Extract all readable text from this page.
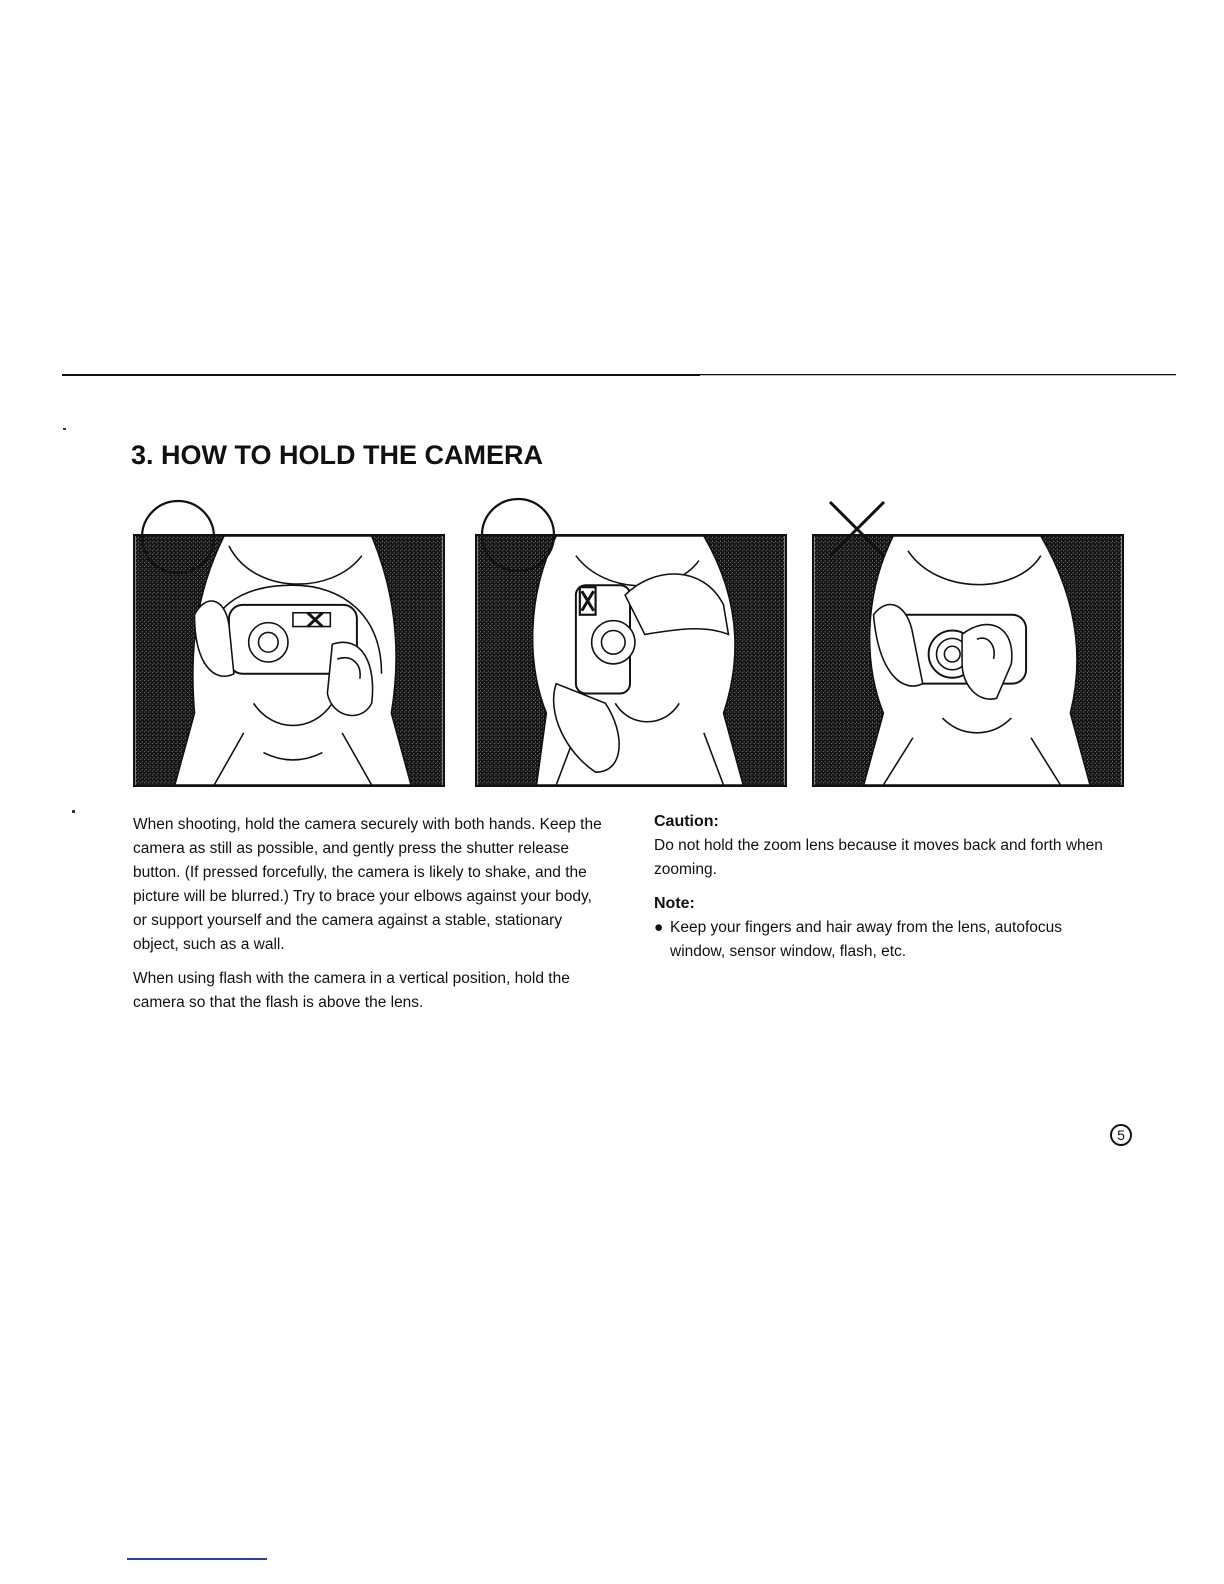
3. HOW TO HOLD THE CAMERA

When shooting, hold the camera securely with both hands. Keep the camera as still as possible, and gently press the shutter release button. (If pressed forcefully, the camera is likely to shake, and the picture will be blurred.) Try to brace your elbows against your body, or support yourself and the camera against a stable, stationary object, such as a wall.

When using flash with the camera in a vertical position, hold the camera so that the flash is above the lens.

Caution:

Do not hold the zoom lens because it moves back and forth when zooming.

Note:
● Keep your fingers and hair away from the lens, autofocus window, sensor window, flash, etc.
5
